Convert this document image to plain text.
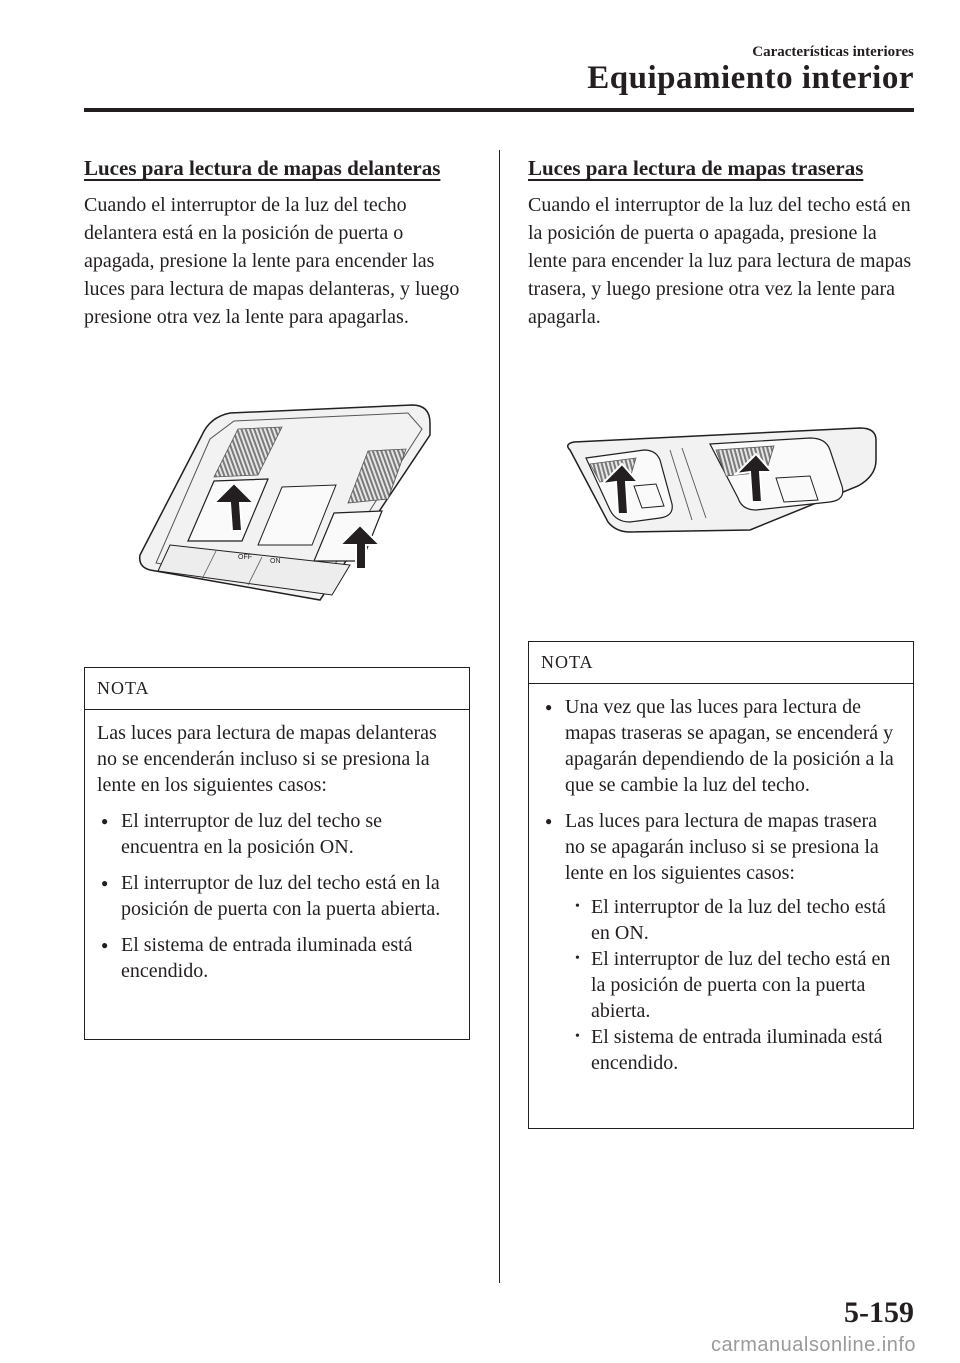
Características interiores
Equipamiento interior
Luces para lectura de mapas delanteras

Cuando el interruptor de la luz del techo delantera está en la posición de puerta o apagada, presione la lente para encender las luces para lectura de mapas delanteras, y luego presione otra vez la lente para apagarlas.

OFF
ON
NOTA

Las luces para lectura de mapas delanteras no se encenderán incluso si se presiona la lente en los siguientes casos:

● El interruptor de luz del techo se encuentra en la posición ON.
● El interruptor de luz del techo está en la posición de puerta con la puerta abierta.
● El sistema de entrada iluminada está encendido.
Luces para lectura de mapas traseras

Cuando el interruptor de la luz del techo está en la posición de puerta o apagada, presione la lente para encender la luz para lectura de mapas trasera, y luego presione otra vez la lente para apagarla.

NOTA
● Una vez que las luces para lectura de mapas traseras se apagan, se encenderá y apagarán dependiendo de la posición a la que se cambie la luz del techo.
● Las luces para lectura de mapas trasera no se apagarán incluso si se presiona la lente en los siguientes casos:
• El interruptor de la luz del techo está en ON.
• El interruptor de luz del techo está en la posición de puerta con la puerta abierta.
• El sistema de entrada iluminada está encendido.
5-159
carmanualsonline.info
